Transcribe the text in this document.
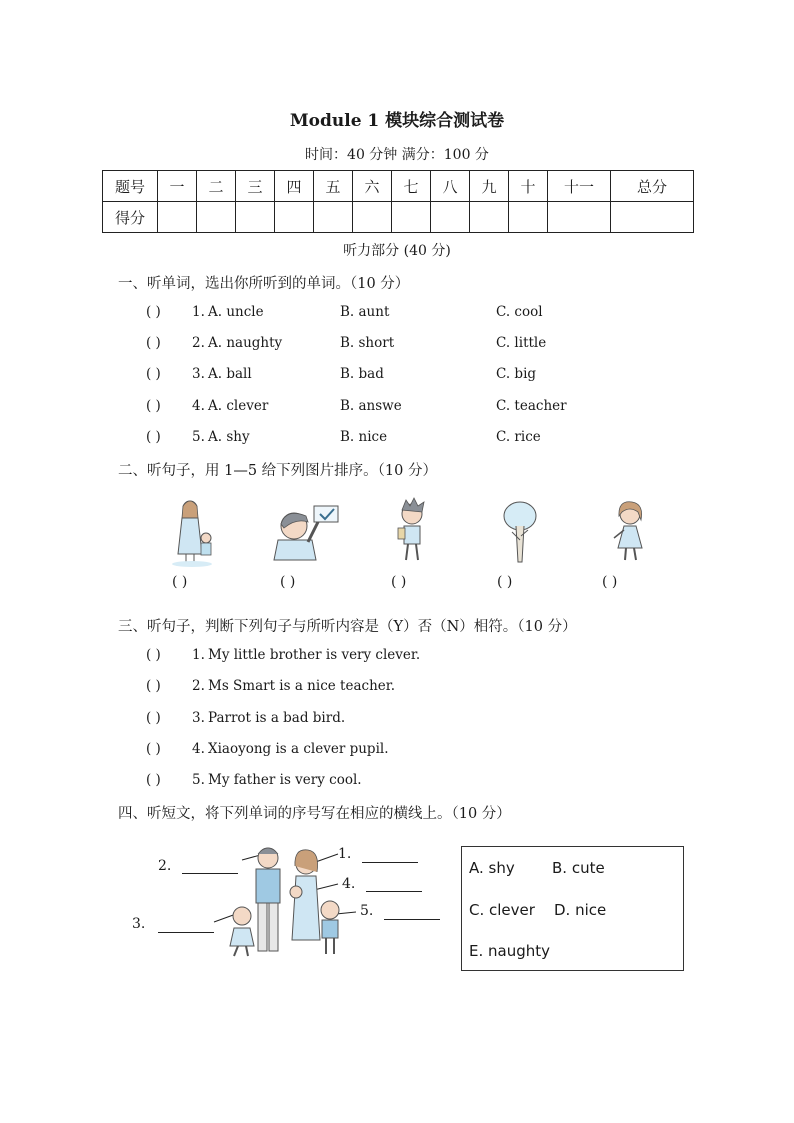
Module 1 模块综合测试卷
时间：40 分钟 满分：100 分
题号	一	二	三	四	五	六	七	八	九	十	十一	总分
得分												
听力部分 (40 分)
一、听单词，选出你所听到的单词。（10 分）
( ) 1. A. uncle	B. aunt	C. cool
( ) 2. A. naughty	B. short	C. little
( ) 3. A. ball	B. bad	C. big
( ) 4. A. clever	B. answe	C. teacher
( ) 5. A. shy	B. nice	C. rice
二、听句子，用 1—5 给下列图片排序。（10 分）
( )	( )	( )	( )	( )
三、听句子，判断下列句子与所听内容是（Y）否（N）相符。（10 分）
( ) 1. My little brother is very clever.
( ) 2. Ms Smart is a nice teacher.
( ) 3. Parrot is a bad bird.
( ) 4. Xiaoyong is a clever pupil.
( ) 5. My father is very cool.
四、听短文，将下列单词的序号写在相应的横线上。（10 分）
2.
1.
4.
3.
5.
A. shy B. cute
C. clever D. nice
E. naughty
